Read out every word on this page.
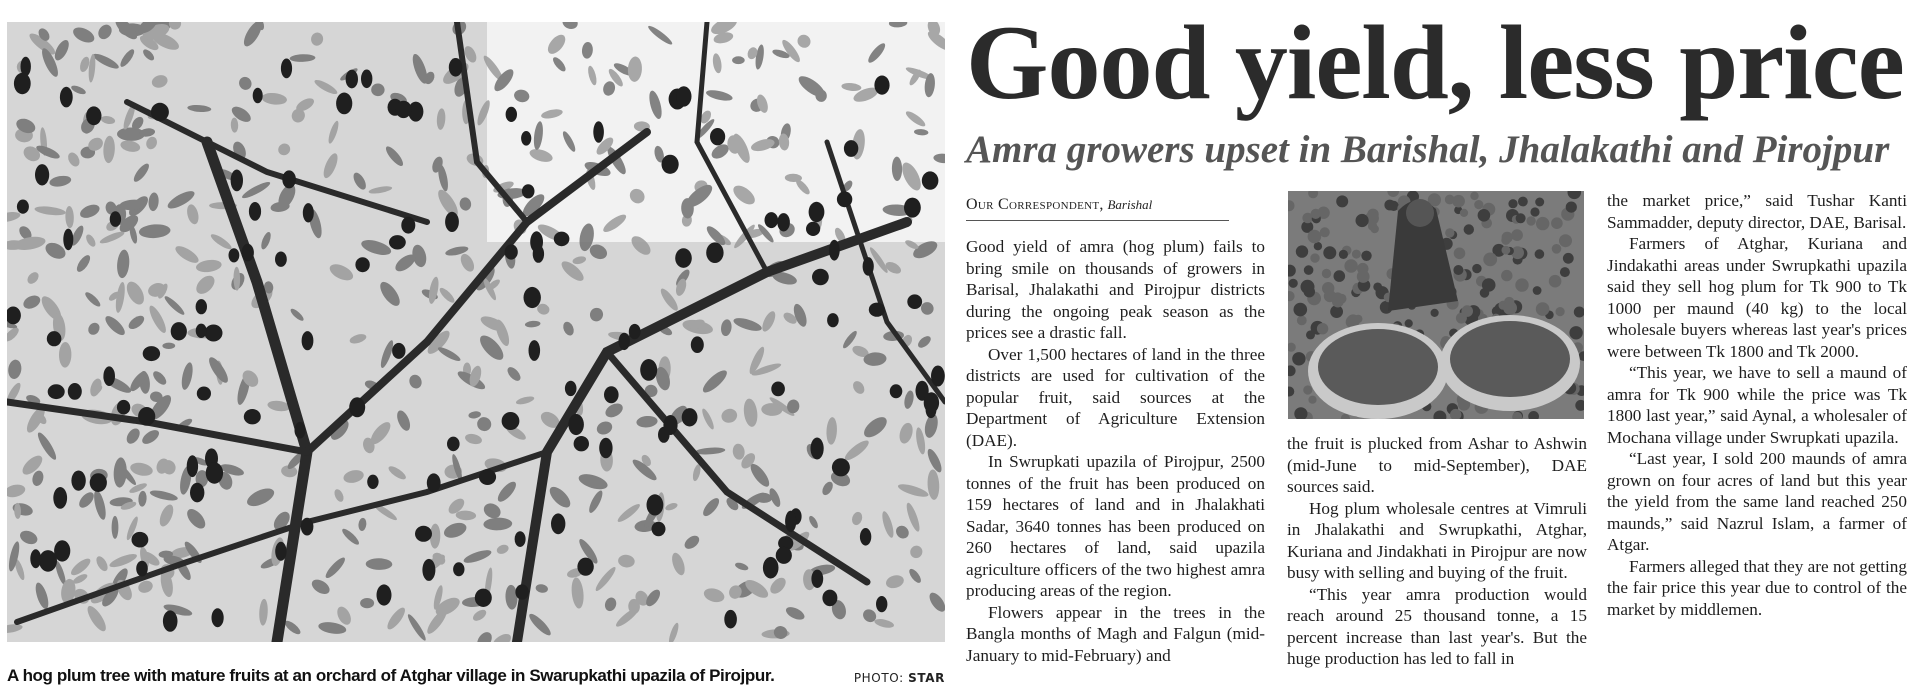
A hog plum tree with mature fruits at an orchard of Atghar village in Swarupkathi upazila of Pirojpur.	PHOTO: STAR
Good yield, less price
Amra growers upset in Barishal, Jhalakathi and Pirojpur
Our Correspondent, Barishal

Good yield of amra (hog plum) fails to bring smile on thousands of growers in Barisal, Jhalakathi and Pirojpur districts during the ongoing peak season as the prices see a drastic fall.

Over 1,500 hectares of land in the three districts are used for cultivation of the popular fruit, said sources at the Department of Agriculture Extension (DAE).

In Swrupkati upazila of Pirojpur, 2500 tonnes of the fruit has been produced on 159 hectares of land and in Jhalakhati Sadar, 3640 tonnes has been produced on 260 hectares of land, said upazila agriculture officers of the two highest amra producing areas of the region.

Flowers appear in the trees in the Bangla months of Magh and Falgun (mid-January to mid-February) and

the fruit is plucked from Ashar to Ashwin (mid-June to mid-September), DAE sources said.

Hog plum wholesale centres at Vimruli in Jhalakathi and Swrupkathi, Atghar, Kuriana and Jindakhati in Pirojpur are now busy with selling and buying of the fruit.

“This year amra production would reach around 25 thousand tonne, a 15 percent increase than last year's. But the huge production has led to fall in

the market price,” said Tushar Kanti Sammadder, deputy director, DAE, Barisal.

Farmers of Atghar, Kuriana and Jindakathi areas under Swrupkathi upazila said they sell hog plum for Tk 900 to Tk 1000 per maund (40 kg) to the local wholesale buyers whereas last year's prices were between Tk 1800 and Tk 2000.

“This year, we have to sell a maund of amra for Tk 900 while the price was Tk 1800 last year,” said Aynal, a wholesaler of Mochana village under Swrupkati upazila.

“Last year, I sold 200 maunds of amra grown on four acres of land but this year the yield from the same land reached 250 maunds,” said Nazrul Islam, a farmer of Atgar.

Farmers alleged that they are not getting the fair price this year due to control of the market by middlemen.
